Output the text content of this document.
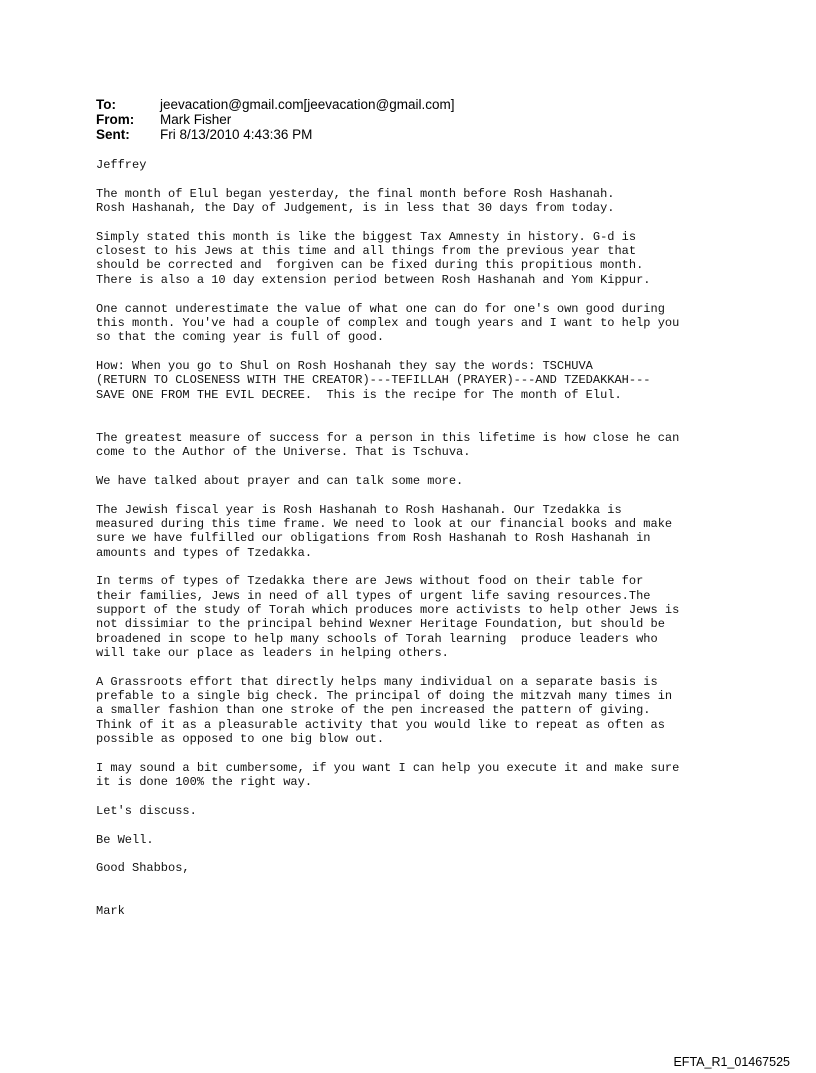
To:	jeevacation@gmail.com[jeevacation@gmail.com]
From:	Mark Fisher
Sent:	Fri 8/13/2010 4:43:36 PM
Jeffrey
The month of Elul began yesterday, the final month before Rosh Hashanah.
Rosh Hashanah, the Day of Judgement, is in less that 30 days from today.
Simply stated this month is like the biggest Tax Amnesty in history. G-d is
closest to his Jews at this time and all things from the previous year that
should be corrected and  forgiven can be fixed during this propitious month.
There is also a 10 day extension period between Rosh Hashanah and Yom Kippur.
One cannot underestimate the value of what one can do for one's own good during
this month. You've had a couple of complex and tough years and I want to help you
so that the coming year is full of good.
How: When you go to Shul on Rosh Hoshanah they say the words: TSCHUVA
(RETURN TO CLOSENESS WITH THE CREATOR)---TEFILLAH (PRAYER)---AND TZEDAKKAH---
SAVE ONE FROM THE EVIL DECREE.  This is the recipe for The month of Elul.
The greatest measure of success for a person in this lifetime is how close he can
come to the Author of the Universe. That is Tschuva.
We have talked about prayer and can talk some more.
The Jewish fiscal year is Rosh Hashanah to Rosh Hashanah. Our Tzedakka is
measured during this time frame. We need to look at our financial books and make
sure we have fulfilled our obligations from Rosh Hashanah to Rosh Hashanah in
amounts and types of Tzedakka.
In terms of types of Tzedakka there are Jews without food on their table for
their families, Jews in need of all types of urgent life saving resources.The
support of the study of Torah which produces more activists to help other Jews is
not dissimiar to the principal behind Wexner Heritage Foundation, but should be
broadened in scope to help many schools of Torah learning  produce leaders who
will take our place as leaders in helping others.
A Grassroots effort that directly helps many individual on a separate basis is
prefable to a single big check. The principal of doing the mitzvah many times in
a smaller fashion than one stroke of the pen increased the pattern of giving.
Think of it as a pleasurable activity that you would like to repeat as often as
possible as opposed to one big blow out.
I may sound a bit cumbersome, if you want I can help you execute it and make sure
it is done 100% the right way.
Let's discuss.
Be Well.
Good Shabbos,
Mark
EFTA_R1_01467525
